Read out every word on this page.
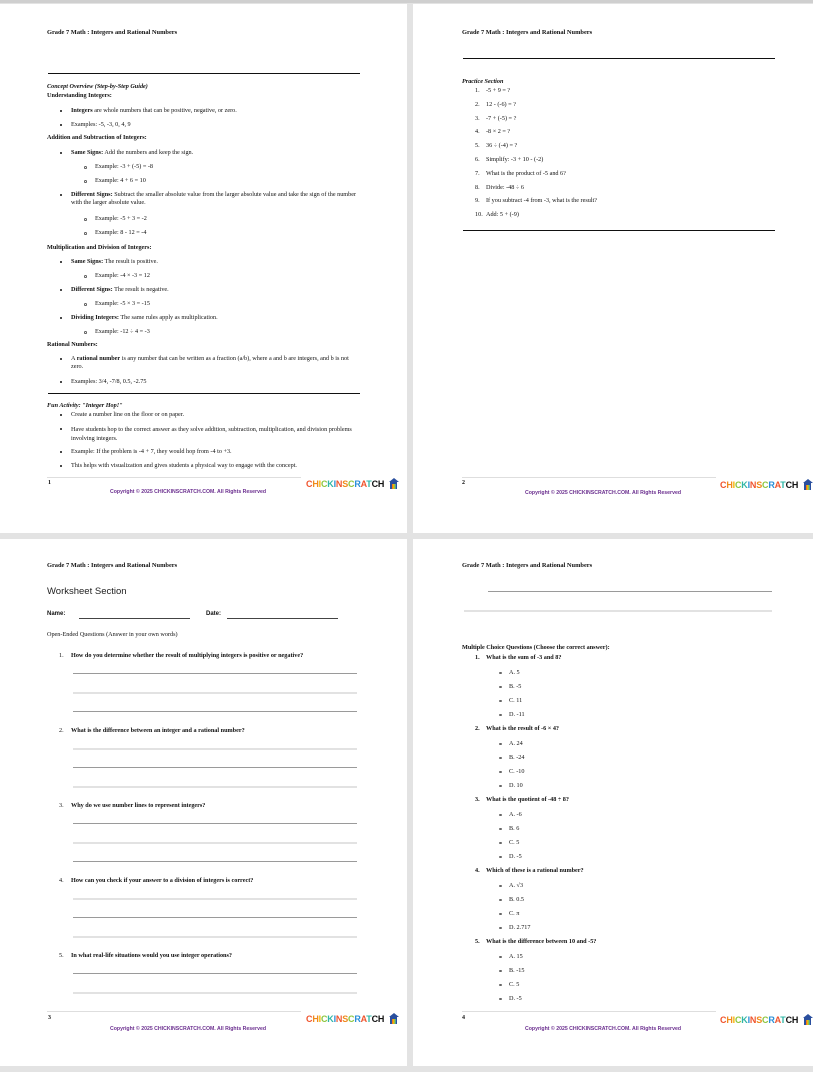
Grade 7 Math : Integers and Rational Numbers
Concept Overview (Step-by-Step Guide)
Understanding Integers:
Integers are whole numbers that can be positive, negative, or zero.
Examples: -5, -3, 0, 4, 9
Addition and Subtraction of Integers:
Same Signs: Add the numbers and keep the sign.
Example: -3 + (-5) = -8
Example: 4 + 6 = 10
Different Signs: Subtract the smaller absolute value from the larger absolute value and take the sign of the number with the larger absolute value.
Example: -5 + 3 = -2
Example: 8 - 12 = -4
Multiplication and Division of Integers:
Same Signs: The result is positive.
Example: -4 × -3 = 12
Different Signs: The result is negative.
Example: -5 × 3 = -15
Dividing Integers: The same rules apply as multiplication.
Example: -12 ÷ 4 = -3
Rational Numbers:
A rational number is any number that can be written as a fraction (a/b), where a and b are integers, and b is not zero.
Examples: 3/4, -7/8, 0.5, -2.75
Fun Activity: "Integer Hop!"
Create a number line on the floor or on paper.
Have students hop to the correct answer as they solve addition, subtraction, multiplication, and division problems involving integers.
Example: If the problem is -4 + 7, they would hop from -4 to +3.
This helps with visualization and gives students a physical way to engage with the concept.
1
Copyright © 2025 CHICKINSCRATCH.COM. All Rights Reserved
CHICKINSCRATCH
Grade 7 Math : Integers and Rational Numbers
Practice Section
2
Copyright © 2025 CHICKINSCRATCH.COM. All Rights Reserved
CHICKINSCRATCH
1. -5 + 9 = ?
2. 12 - (-6) = ?
3. -7 + (-5) = ?
4. -8 × 2 = ?
5. 36 ÷ (-4) = ?
6. Simplify: -3 + 10 - (-2)
7. What is the product of -5 and 6?
8. Divide: -48 ÷ 6
9. If you subtract -4 from -3, what is the result?
10. Add: 5 + (-9)
Grade 7 Math : Integers and Rational Numbers
Worksheet Section
Name:	Date:
Open-Ended Questions (Answer in your own words)
3
Copyright © 2025 CHICKINSCRATCH.COM. All Rights Reserved
CHICKINSCRATCH
1. How do you determine whether the result of multiplying integers is positive or negative?
2. What is the difference between an integer and a rational number?
3. Why do we use number lines to represent integers?
4. How can you check if your answer to a division of integers is correct?
5. In what real-life situations would you use integer operations?
Grade 7 Math : Integers and Rational Numbers
Multiple Choice Questions (Choose the correct answer):
4
Copyright © 2025 CHICKINSCRATCH.COM. All Rights Reserved
CHICKINSCRATCH
1. What is the sum of -3 and 8?
A. 5
B. -5
C. 11
D. -11
2. What is the result of -6 × 4?
A. 24
B. -24
C. -10
D. 10
3. What is the quotient of -48 ÷ 8?
A. -6
B. 6
C. 5
D. -5
4. Which of these is a rational number?
A. √3
B. 0.5
C. π
D. 2.717
5. What is the difference between 10 and -5?
A. 15
B. -15
C. 5
D. -5
